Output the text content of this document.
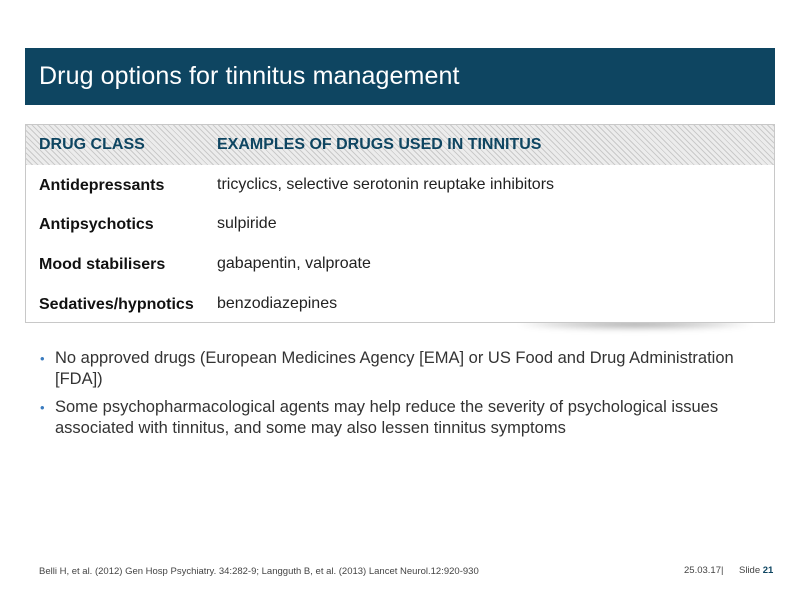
Drug options for tinnitus management
DRUG CLASS	EXAMPLES OF DRUGS USED IN TINNITUS
Antidepressants	tricyclics, selective serotonin reuptake inhibitors
Antipsychotics	sulpiride
Mood stabilisers	gabapentin, valproate
Sedatives/hypnotics	benzodiazepines
• No approved drugs (European Medicines Agency [EMA] or US Food and Drug Administration [FDA])
• Some psychopharmacological agents may help reduce the severity of psychological issues associated with tinnitus, and some may also lessen tinnitus symptoms
Belli H, et al. (2012) Gen Hosp Psychiatry. 34:282-9; Langguth B, et al. (2013) Lancet Neurol.12:920-930	25.03.17| Slide 21
